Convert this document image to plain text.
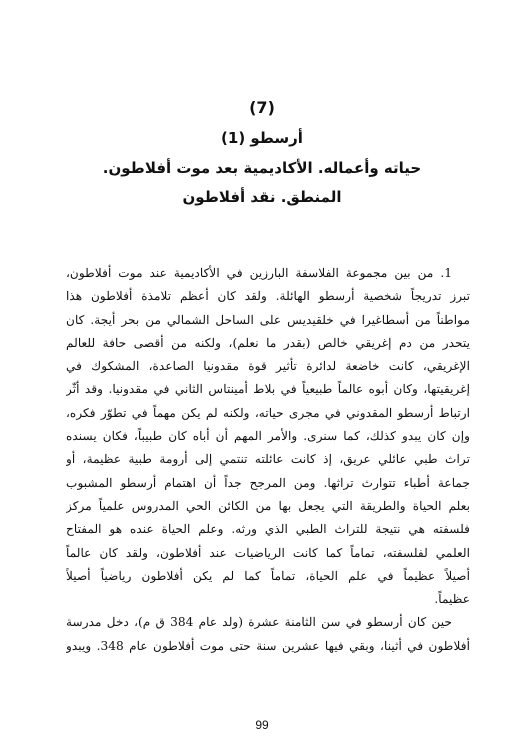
(7)
أرسطو (1)
حياته وأعماله. الأكاديمية بعد موت أفلاطون.
المنطق. نقد أفلاطون
1. من بين مجموعة الفلاسفة البارزين في الأكاديمية عند موت أفلاطون،
تبرز تدريجاً شخصية أرسطو الهائلة. ولقد كان أعظم تلامذة أفلاطون هذا
مواطناً من أسطاغيرا في خلقيديس على الساحل الشمالي من بحر أيجة. كان
يتحدر من دم إغريقي خالص (بقدر ما نعلم)، ولكنه من أقصى حافة للعالم
الإغريقي، كانت خاضعة لدائرة تأثير قوة مقدونيا الصاعدة، المشكوك في
إغريقيتها، وكان أبوه عالماً طبيعياً في بلاط أمينتاس الثاني في مقدونيا. وقد أثّر
ارتباط أرسطو المقدوني في مجرى حياته، ولكنه لم يكن مهماً في تطوّر فكره،
وإن كان يبدو كذلك، كما سنرى. والأمر المهم أن أباه كان طبيباً، فكان يسنده
تراث طبي عائلي عريق، إذ كانت عائلته تنتمي إلى أرومة طبية عظيمة، أو
جماعة أطباء تتوارث تراثها. ومن المرجح جداً أن اهتمام أرسطو المشبوب
بعلم الحياة والطريقة التي يجعل بها من الكائن الحي المدروس علمياً مركز
فلسفته هي نتيجة للتراث الطبي الذي ورثه. وعلم الحياة عنده هو المفتاح
العلمي لفلسفته، تماماً كما كانت الرياضيات عند أفلاطون، ولقد كان عالماً
أصيلاً عظيماً في علم الحياة، تماماً كما لم يكن أفلاطون رياضياً أصيلاً
عظيماً.
حين كان أرسطو في سن الثامنة عشرة (ولد عام 384 ق م)، دخل مدرسة
أفلاطون في أثينا، وبقي فيها عشرين سنة حتى موت أفلاطون عام 348. ويبدو
99
